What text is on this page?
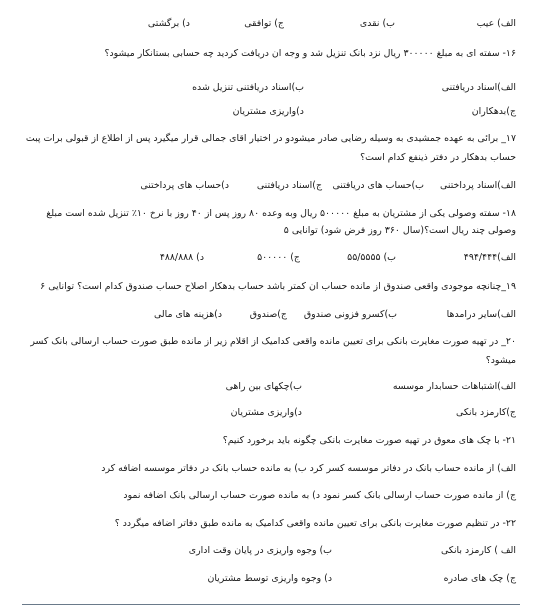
الف) عیب
ب) نقدی
ج) توافقی
د) برگشتی
۱۶- سفته ای به مبلغ ۳۰۰۰۰۰ ریال نزد بانک تنزیل شد و وجه ان دریافت کردید چه حسابی بستانکار میشود؟
الف)اسناد دریافتنی
ب)اسناد دریافتنی تنزیل شده
ج)بدهکاران
د)واریزی مشتریان
۱۷_ برائی به عهده جمشیدی به وسیله رضایی صادر میشودو در اختیار اقای جمالی قرار میگیرد پس از اطلاع از قبولی برات پبت
حساب بدهکار در دفتر ذینفع کدام است؟
الف)اسناد پرداختنی
ب)حساب های دریافتنی
ج)اسناد دریافتنی
د)حساب های پرداختنی
۱۸- سفته وصولی یکی از مشتریان به مبلغ ۵۰۰۰۰۰ ریال وبه وعده ۸۰ روز پس از ۴۰ روز با نرخ ۱۰٪ تنزیل شده است مبلغ
وصولی چند ریال است؟(سال ۳۶۰ روز فرض شود) توانایی ۵
الف)۴۹۴/۴۴۴
ب) ۵۵/۵۵۵۵
ج) ۵۰۰۰۰۰
د) ۴۸۸/۸۸۸
۱۹_چنانچه موجودی واقعی صندوق از مانده حساب ان کمتر باشد حساب بدهکار اصلاح حساب صندوق کدام است؟ توانایی ۶
الف)سایر درامدها
ب)کسرو فزونی صندوق
ج)صندوق
د)هزینه های مالی
۲۰_ در تهیه صورت مغایرت بانکی برای تعیین مانده واقعی کدامیک از اقلام زیر از مانده طبق صورت حساب ارسالی بانک کسر
میشود؟
الف)اشتباهات حسابدار موسسه
ب)چکهای بین راهی
ج)کارمزد بانکی
د)واریزی مشتریان
۲۱- با چک های معوق در تهیه صورت مغایرت بانکی چگونه باید برخورد کنیم؟
الف) از مانده حساب بانک در دفاتر موسسه کسر کرد ب) به مانده حساب بانک در دفاتر موسسه اضافه کرد
ج) از مانده صورت حساب ارسالی بانک کسر نمود د) به مانده صورت حساب ارسالی بانک اضافه نمود
۲۲- در تنظیم صورت مغایرت بانکی برای تعیین مانده واقعی کدامیک به مانده طبق دفاتر اضافه میگردد ؟
الف ) کارمزد بانکی
ب) وجوه واریزی در پایان وقت اداری
ج) چک های صادره
د) وجوه واریزی توسط مشتریان
